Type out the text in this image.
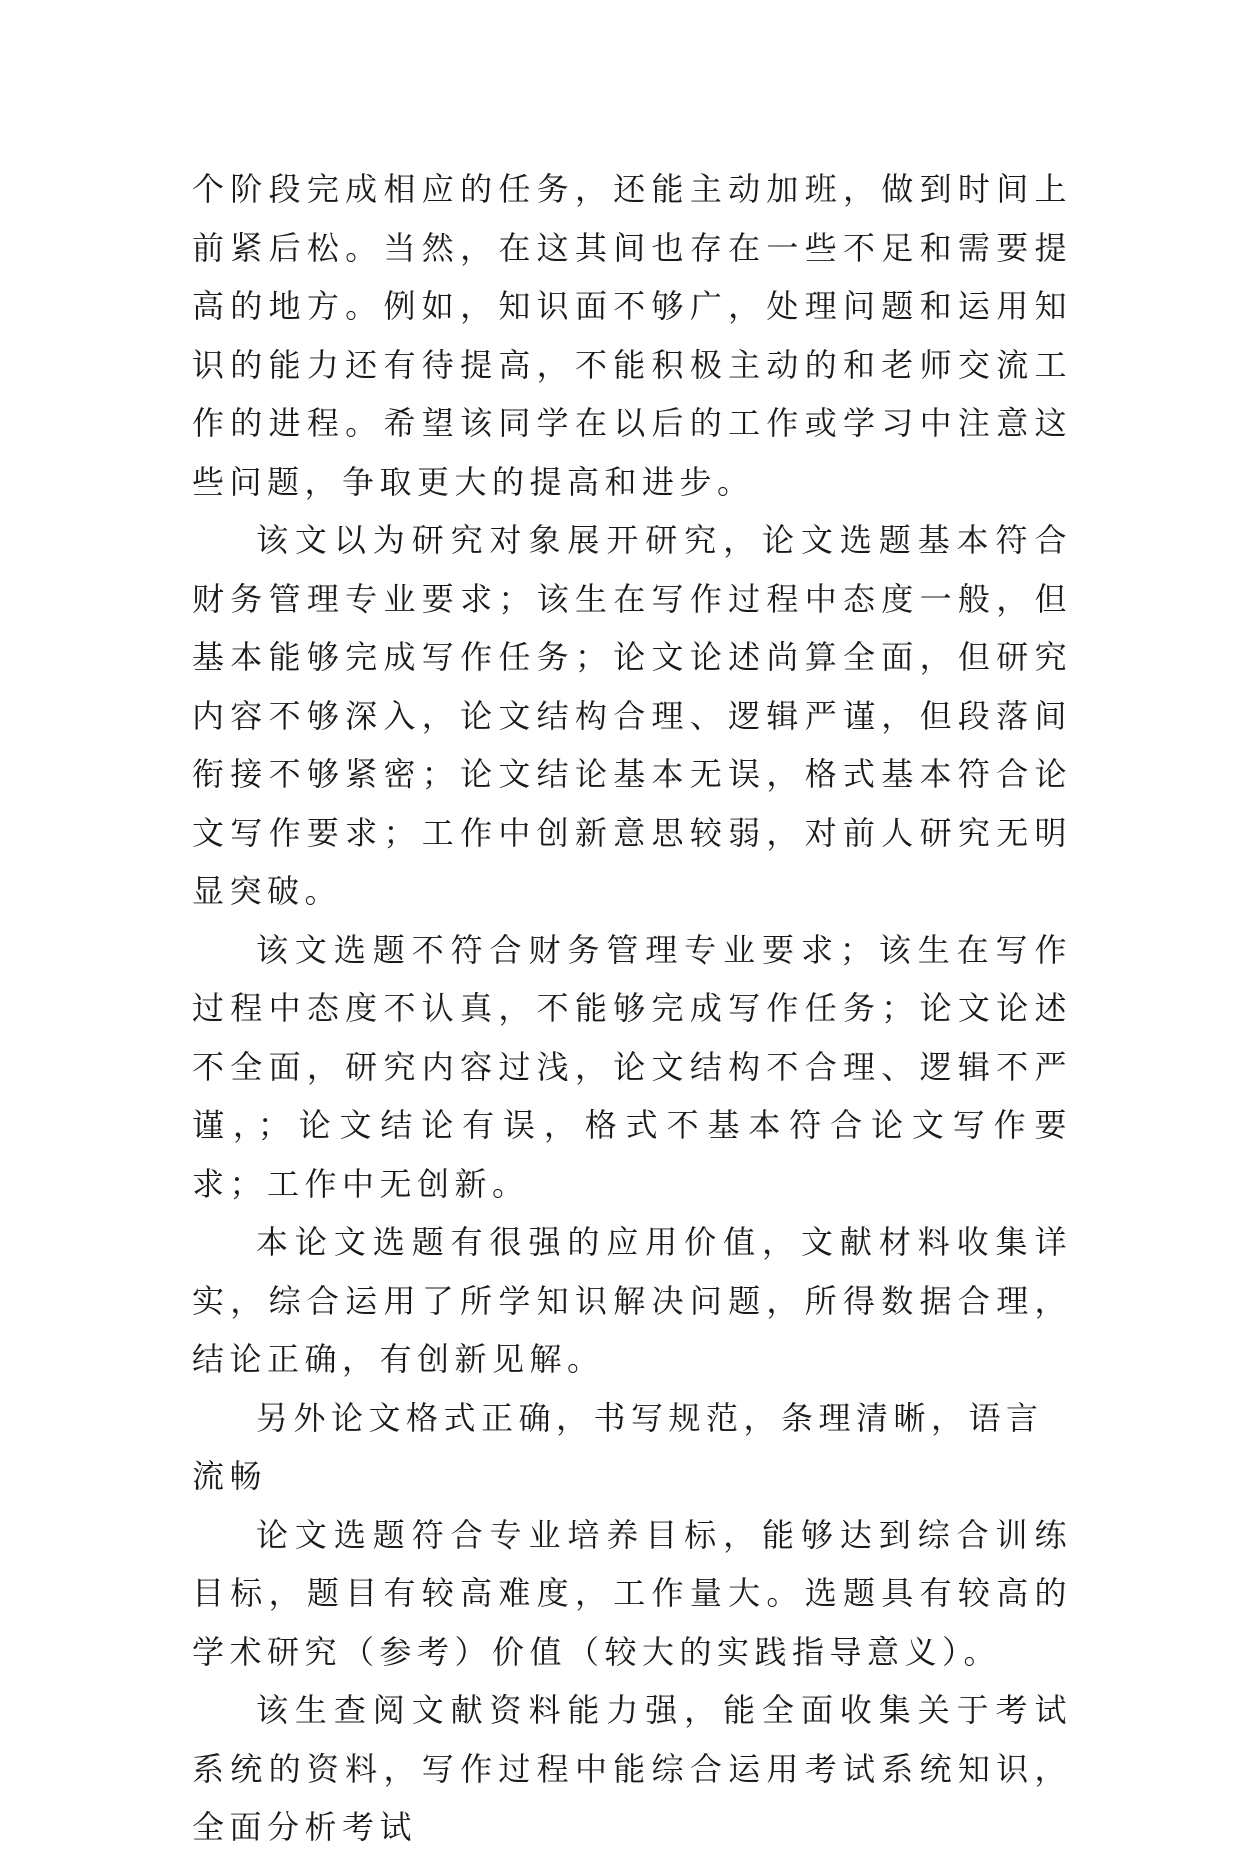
个阶段完成相应的任务，还能主动加班，做到时间上前紧后松。当然，在这其间也存在一些不足和需要提高的地方。例如，知识面不够广，处理问题和运用知识的能力还有待提高，不能积极主动的和老师交流工作的进程。希望该同学在以后的工作或学习中注意这些问题，争取更大的提高和进步。

该文以为研究对象展开研究，论文选题基本符合财务管理专业要求；该生在写作过程中态度一般，但基本能够完成写作任务；论文论述尚算全面，但研究内容不够深入，论文结构合理、逻辑严谨，但段落间衔接不够紧密；论文结论基本无误，格式基本符合论文写作要求；工作中创新意思较弱，对前人研究无明显突破。

该文选题不符合财务管理专业要求；该生在写作过程中态度不认真，不能够完成写作任务；论文论述不全面，研究内容过浅，论文结构不合理、逻辑不严谨，；论文结论有误，格式不基本符合论文写作要求；工作中无创新。

本论文选题有很强的应用价值，文献材料收集详实，综合运用了所学知识解决问题，所得数据合理，结论正确，有创新见解。

另外论文格式正确，书写规范，条理清晰，语言流畅

论文选题符合专业培养目标，能够达到综合训练目标，题目有较高难度，工作量大。选题具有较高的学术研究（参考）价值（较大的实践指导意义）。

该生查阅文献资料能力强，能全面收集关于考试系统的资料，写作过程中能综合运用考试系统知识，全面分析考试
